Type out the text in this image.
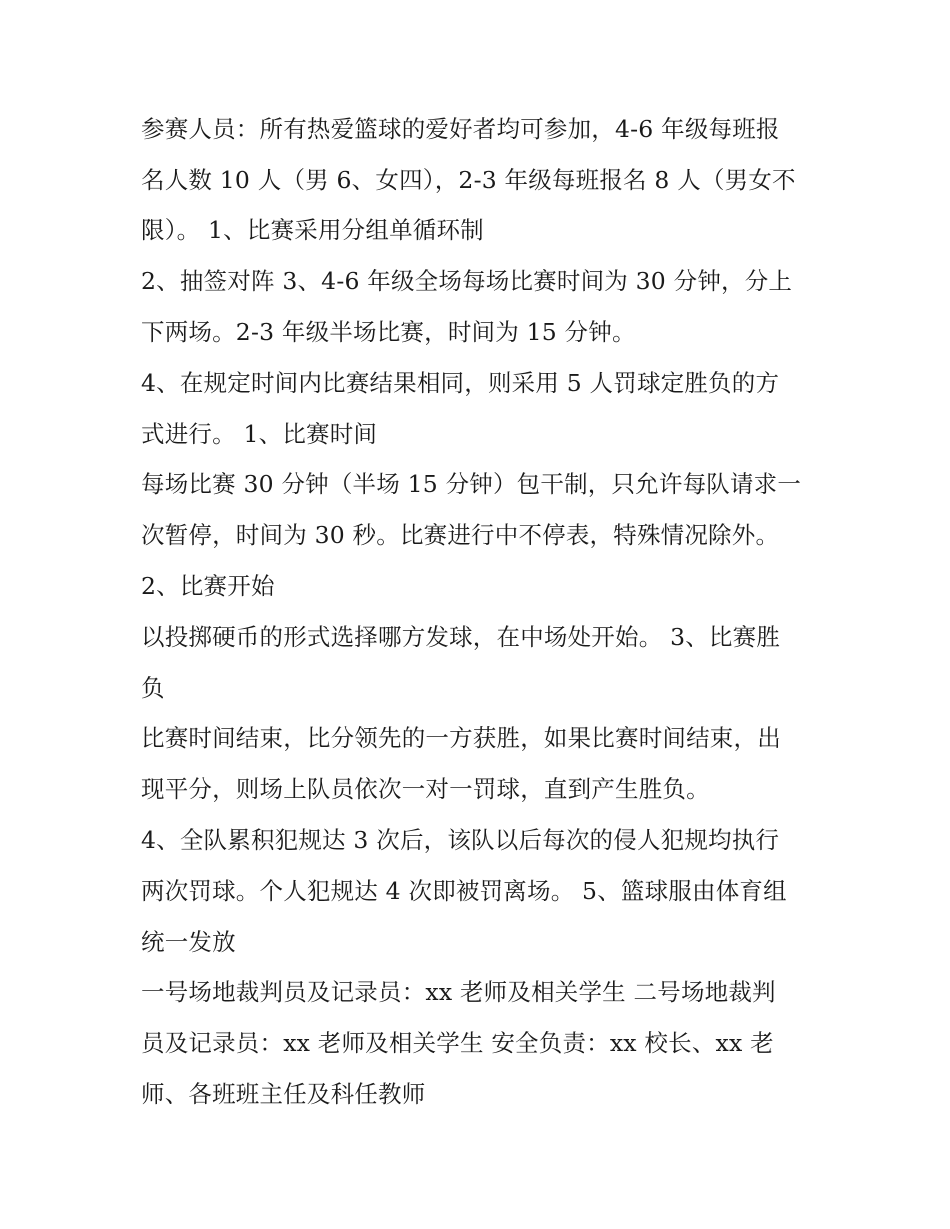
参赛人员：所有热爱篮球的爱好者均可参加，4-6 年级每班报
名人数 10 人（男 6、女四），2-3 年级每班报名 8 人（男女不
限）。 1、比赛采用分组单循环制
2、抽签对阵 3、4-6 年级全场每场比赛时间为 30 分钟，分上
下两场。2-3 年级半场比赛，时间为 15 分钟。
4、在规定时间内比赛结果相同，则采用 5 人罚球定胜负的方
式进行。 1、比赛时间
每场比赛 30 分钟（半场 15 分钟）包干制，只允许每队请求一
次暂停，时间为 30 秒。比赛进行中不停表，特殊情况除外。
2、比赛开始
以投掷硬币的形式选择哪方发球，在中场处开始。 3、比赛胜
负
比赛时间结束，比分领先的一方获胜，如果比赛时间结束，出
现平分，则场上队员依次一对一罚球，直到产生胜负。
4、全队累积犯规达 3 次后，该队以后每次的侵人犯规均执行
两次罚球。个人犯规达 4 次即被罚离场。 5、篮球服由体育组
统一发放
一号场地裁判员及记录员：xx 老师及相关学生 二号场地裁判
员及记录员：xx 老师及相关学生 安全负责：xx 校长、xx 老
师、各班班主任及科任教师
